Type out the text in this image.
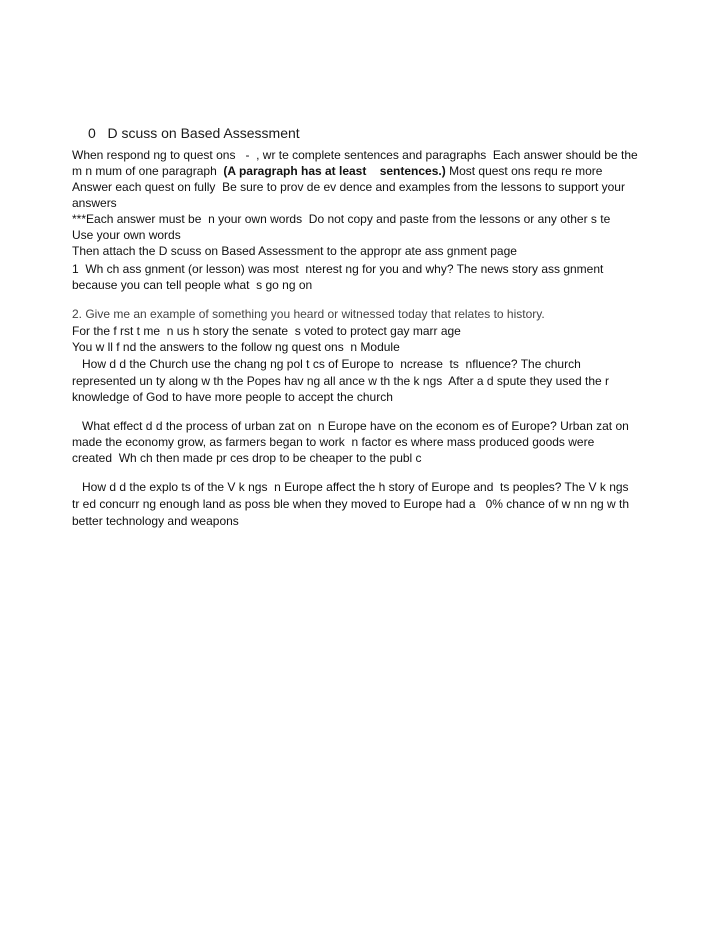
0   D scuss on Based Assessment
When respond ng to quest ons   -  , wr te complete sentences and paragraphs  Each answer should be the
m n mum of one paragraph  (A paragraph has at least    sentences.) Most quest ons requ re more
Answer each quest on fully  Be sure to prov de ev dence and examples from the lessons to support your
answers
***Each answer must be  n your own words  Do not copy and paste from the lessons or any other s te
Use your own words
Then attach the D scuss on Based Assessment to the appropr ate ass gnment page
1  Wh ch ass gnment (or lesson) was most  nterest ng for you and why? The news story ass gnment
because you can tell people what  s go ng on
2. Give me an example of something you heard or witnessed today that relates to history.
For the f rst t me  n us h story the senate  s voted to protect gay marr age
You w ll f nd the answers to the follow ng quest ons  n Module
How d d the Church use the chang ng pol t cs of Europe to  ncrease  ts  nfluence? The church
represented un ty along w th the Popes hav ng all ance w th the k ngs  After a d spute they used the r
knowledge of God to have more people to accept the church
What effect d d the process of urban zat on  n Europe have on the econom es of Europe? Urban zat on
made the economy grow, as farmers began to work  n factor es where mass produced goods were
created  Wh ch then made pr ces drop to be cheaper to the publ c
How d d the explo ts of the V k ngs  n Europe affect the h story of Europe and  ts peoples? The V k ngs
tr ed concurr ng enough land as poss ble when they moved to Europe had a   0% chance of w nn ng w th
better technology and weapons
